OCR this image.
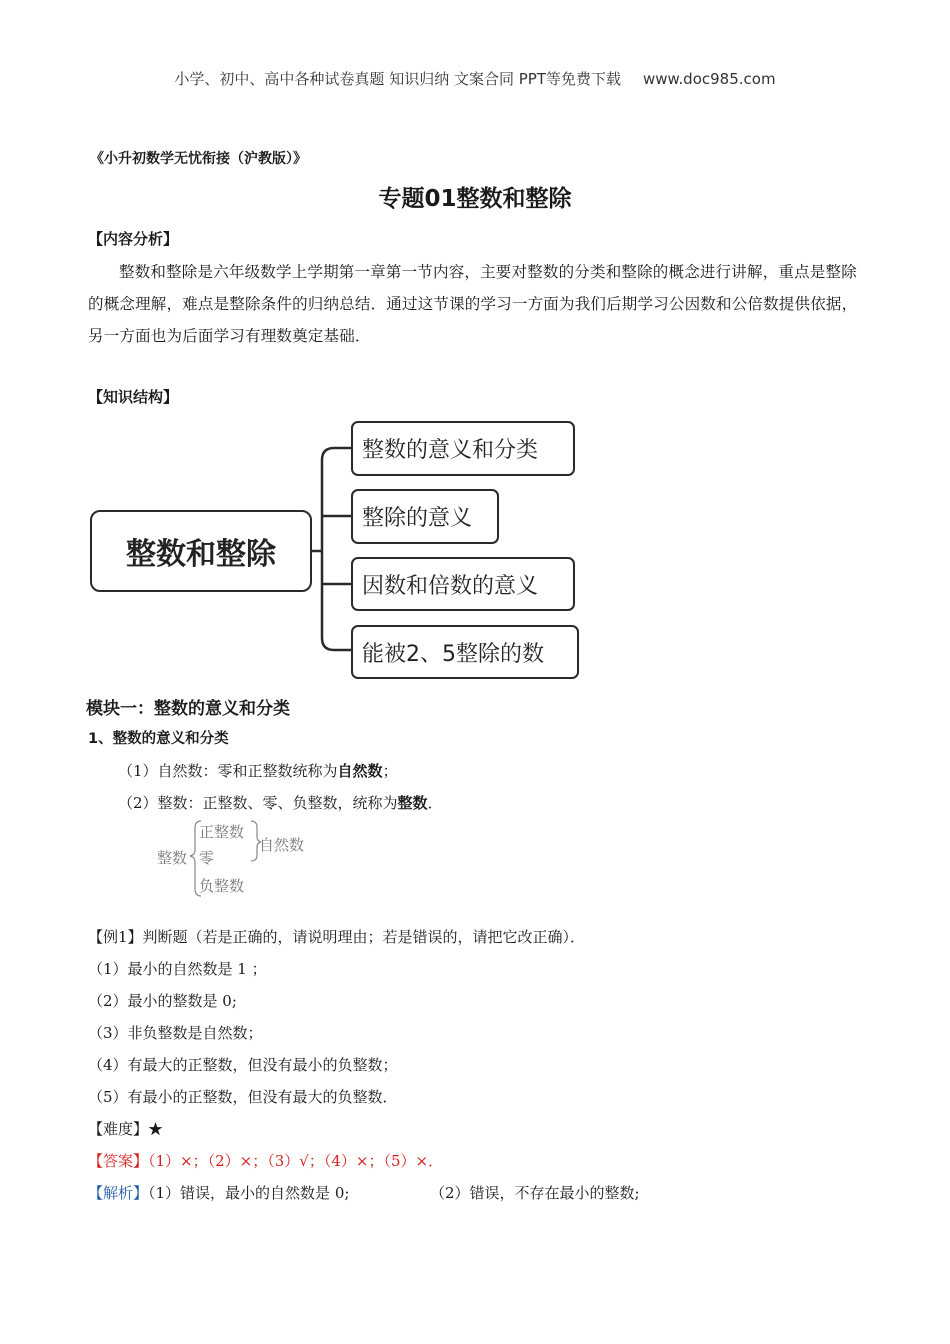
小学、初中、高中各种试卷真题 知识归纳 文案合同 PPT等免费下载 www.doc985.com
《小升初数学无忧衔接（沪教版）》
专题01整数和整除
【内容分析】
整数和整除是六年级数学上学期第一章第一节内容，主要对整数的分类和整除的概念进行讲解，重点是整除的概念理解，难点是整除条件的归纳总结．通过这节课的学习一方面为我们后期学习公因数和公倍数提供依据，另一方面也为后面学习有理数奠定基础．
【知识结构】
整数和整除
整数的意义和分类
整除的意义
因数和倍数的意义
能被2、5整除的数
模块一：整数的意义和分类
1、整数的意义和分类
（1）自然数：零和正整数统称为自然数；
（2）整数：正整数、零、负整数，统称为整数．
整数
正整数
零
负整数
自然数
【例1】判断题（若是正确的，请说明理由；若是错误的，请把它改正确）．
（1）最小的自然数是 1 ；
（2）最小的整数是 0;
（3）非负整数是自然数；
（4）有最大的正整数，但没有最小的负整数；
（5）有最小的正整数，但没有最大的负整数．
【难度】★
【答案】（1）×；（2）×；（3）√；（4）×；（5）×．
【解析】（1）错误，最小的自然数是 0;	（2）错误，不存在最小的整数;
